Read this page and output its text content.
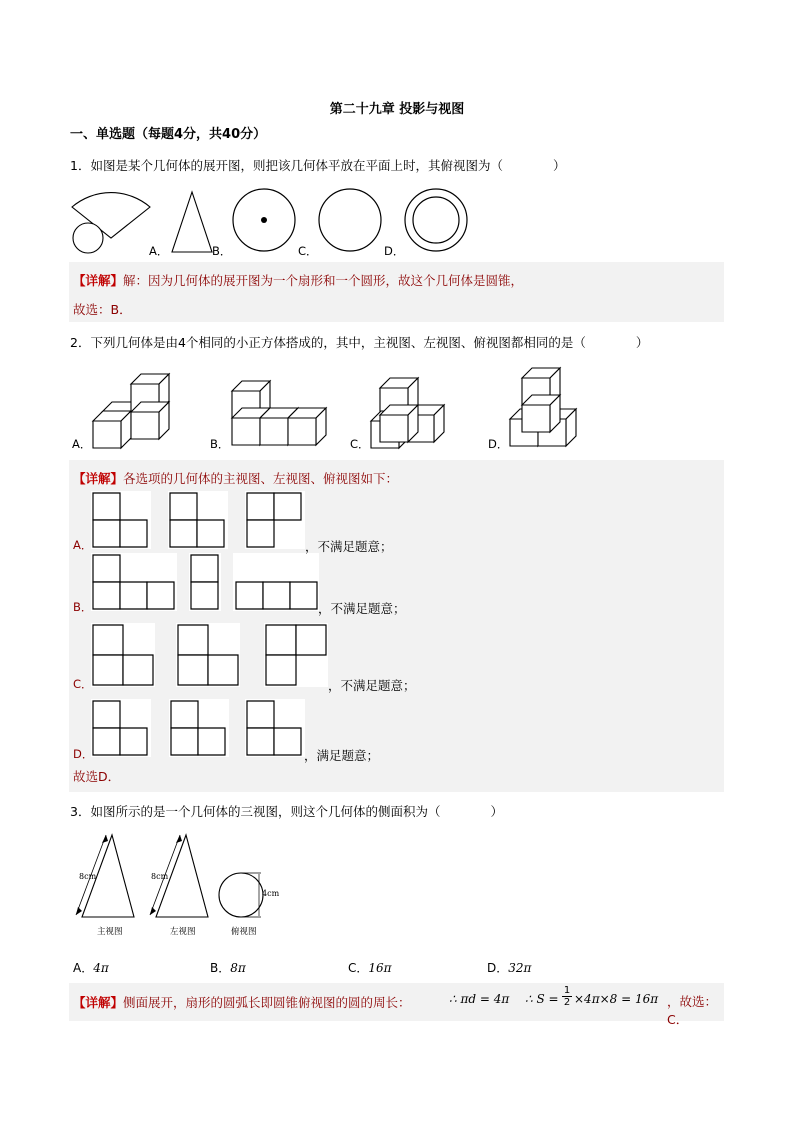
第二十九章 投影与视图
一、单选题（每题4分，共40分）
1．如图是某个几何体的展开图，则把该几何体平放在平面上时，其俯视图为（　　　　）
A．	B．	C．	D．
【详解】解：因为几何体的展开图为一个扇形和一个圆形，故这个几何体是圆锥，
故选：B．
2．下列几何体是由4个相同的小正方体搭成的，其中，主视图、左视图、俯视图都相同的是（　　　　）
A．	B．	C．	D．
【详解】各选项的几何体的主视图、左视图、俯视图如下：
故选D．
A．	，不满足题意；
B．	，不满足题意；
C．	，不满足题意；
D．	，满足题意；
3．如图所示的是一个几何体的三视图，则这个几何体的侧面积为（　　　　）
8cm	8cm
4cm
主视图	左视图	俯视图
A．4π	B．8π	C．16π	D．32π
【详解】侧面展开，扇形的圆弧长即圆锥俯视图的圆的周长：	∴ πd = 4π ∴ $S = \frac{1}{2} \times 4\pi\times 8 = 16\pi$ ，故选：C．
